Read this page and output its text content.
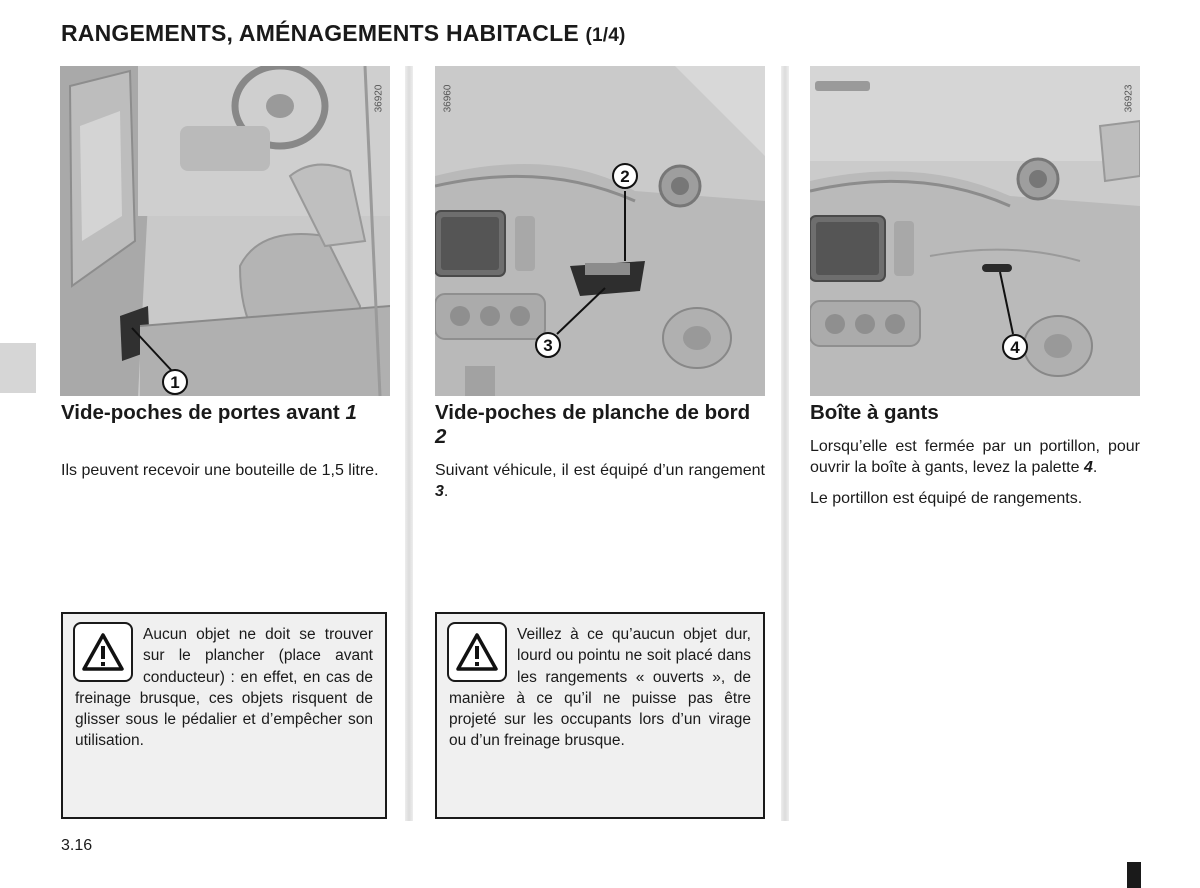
RANGEMENTS, AMÉNAGEMENTS HABITACLE (1/4)
1
36920
Vide-poches de portes avant 1

Ils peuvent recevoir une bouteille de 1,5 litre.

Aucun objet ne doit se trouver sur le plancher (place avant conducteur) : en effet, en cas de freinage brusque, ces objets risquent de glisser sous le pédalier et d’empêcher son utilisation.
2
3
36960
Vide-poches de planche de bord 2

Suivant véhicule, il est équipé d’un rangement 3.

Veillez à ce qu’aucun objet dur, lourd ou pointu ne soit placé dans les rangements « ouverts », de manière à ce qu’il ne puisse pas être projeté sur les occupants lors d’un virage ou d’un freinage brusque.
4
36923
Boîte à gants

Lorsqu’elle est fermée par un portillon, pour ouvrir la boîte à gants, levez la palette 4.

Le portillon est équipé de rangements.

3.16
